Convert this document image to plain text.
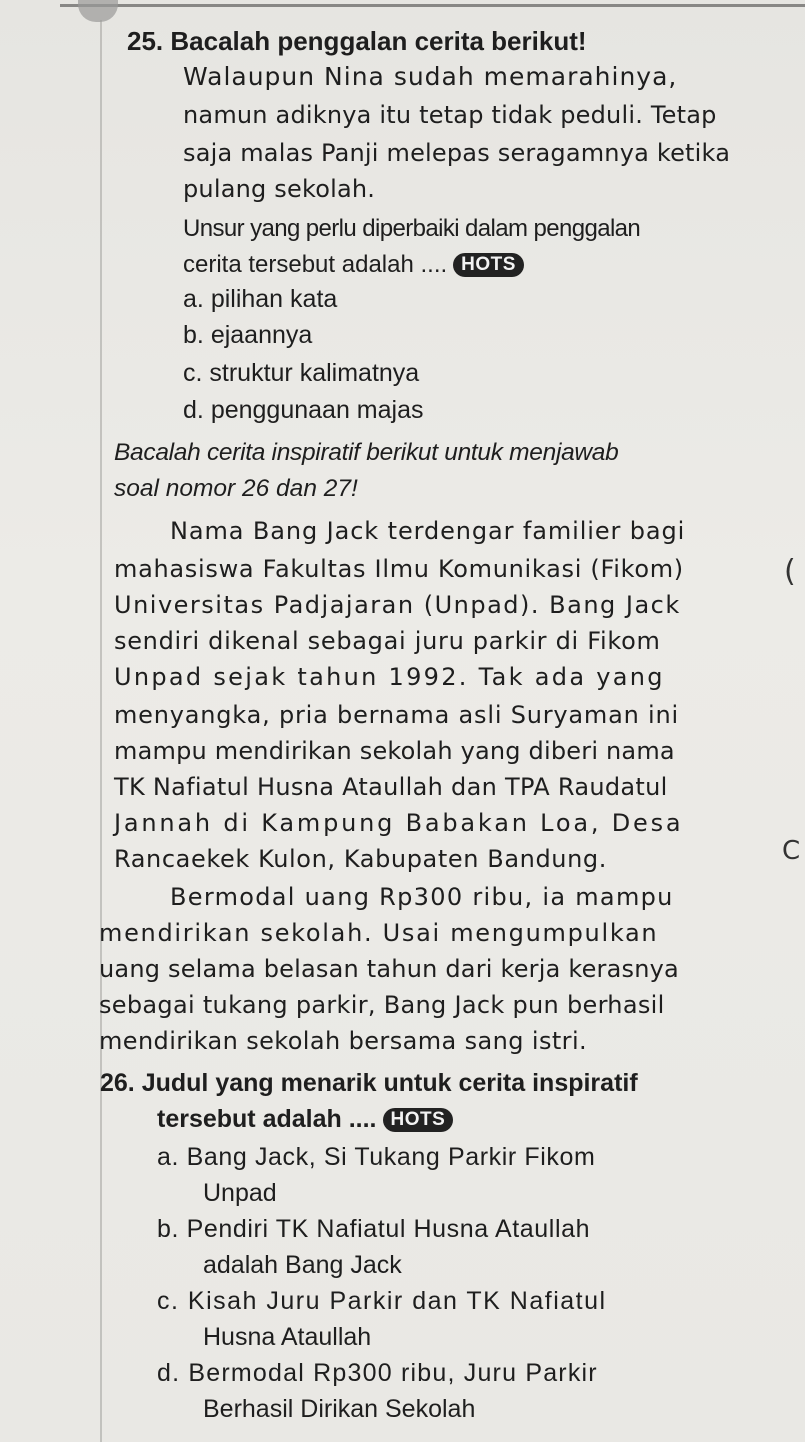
25. Bacalah penggalan cerita berikut!
Walaupun Nina sudah memarahinya,
namun adiknya itu tetap tidak peduli. Tetap
saja malas Panji melepas seragamnya ketika
pulang sekolah.
Unsur yang perlu diperbaiki dalam penggalan
cerita tersebut adalah .... HOTS
a. pilihan kata
b. ejaannya
c. struktur kalimatnya
d. penggunaan majas
Bacalah cerita inspiratif berikut untuk menjawab
soal nomor 26 dan 27!
Nama Bang Jack terdengar familier bagi
mahasiswa Fakultas Ilmu Komunikasi (Fikom)
Universitas Padjajaran (Unpad). Bang Jack
sendiri dikenal sebagai juru parkir di Fikom
Unpad sejak tahun 1992. Tak ada yang
menyangka, pria bernama asli Suryaman ini
mampu mendirikan sekolah yang diberi nama
TK Nafiatul Husna Ataullah dan TPA Raudatul
Jannah di Kampung Babakan Loa, Desa
Rancaekek Kulon, Kabupaten Bandung.
Bermodal uang Rp300 ribu, ia mampu
mendirikan sekolah. Usai mengumpulkan
uang selama belasan tahun dari kerja kerasnya
sebagai tukang parkir, Bang Jack pun berhasil
mendirikan sekolah bersama sang istri.
26. Judul yang menarik untuk cerita inspiratif
tersebut adalah .... HOTS
a. Bang Jack, Si Tukang Parkir Fikom
Unpad
b. Pendiri TK Nafiatul Husna Ataullah
adalah Bang Jack
c. Kisah Juru Parkir dan TK Nafiatul
Husna Ataullah
d. Bermodal Rp300 ribu, Juru Parkir
Berhasil Dirikan Sekolah
(
C
